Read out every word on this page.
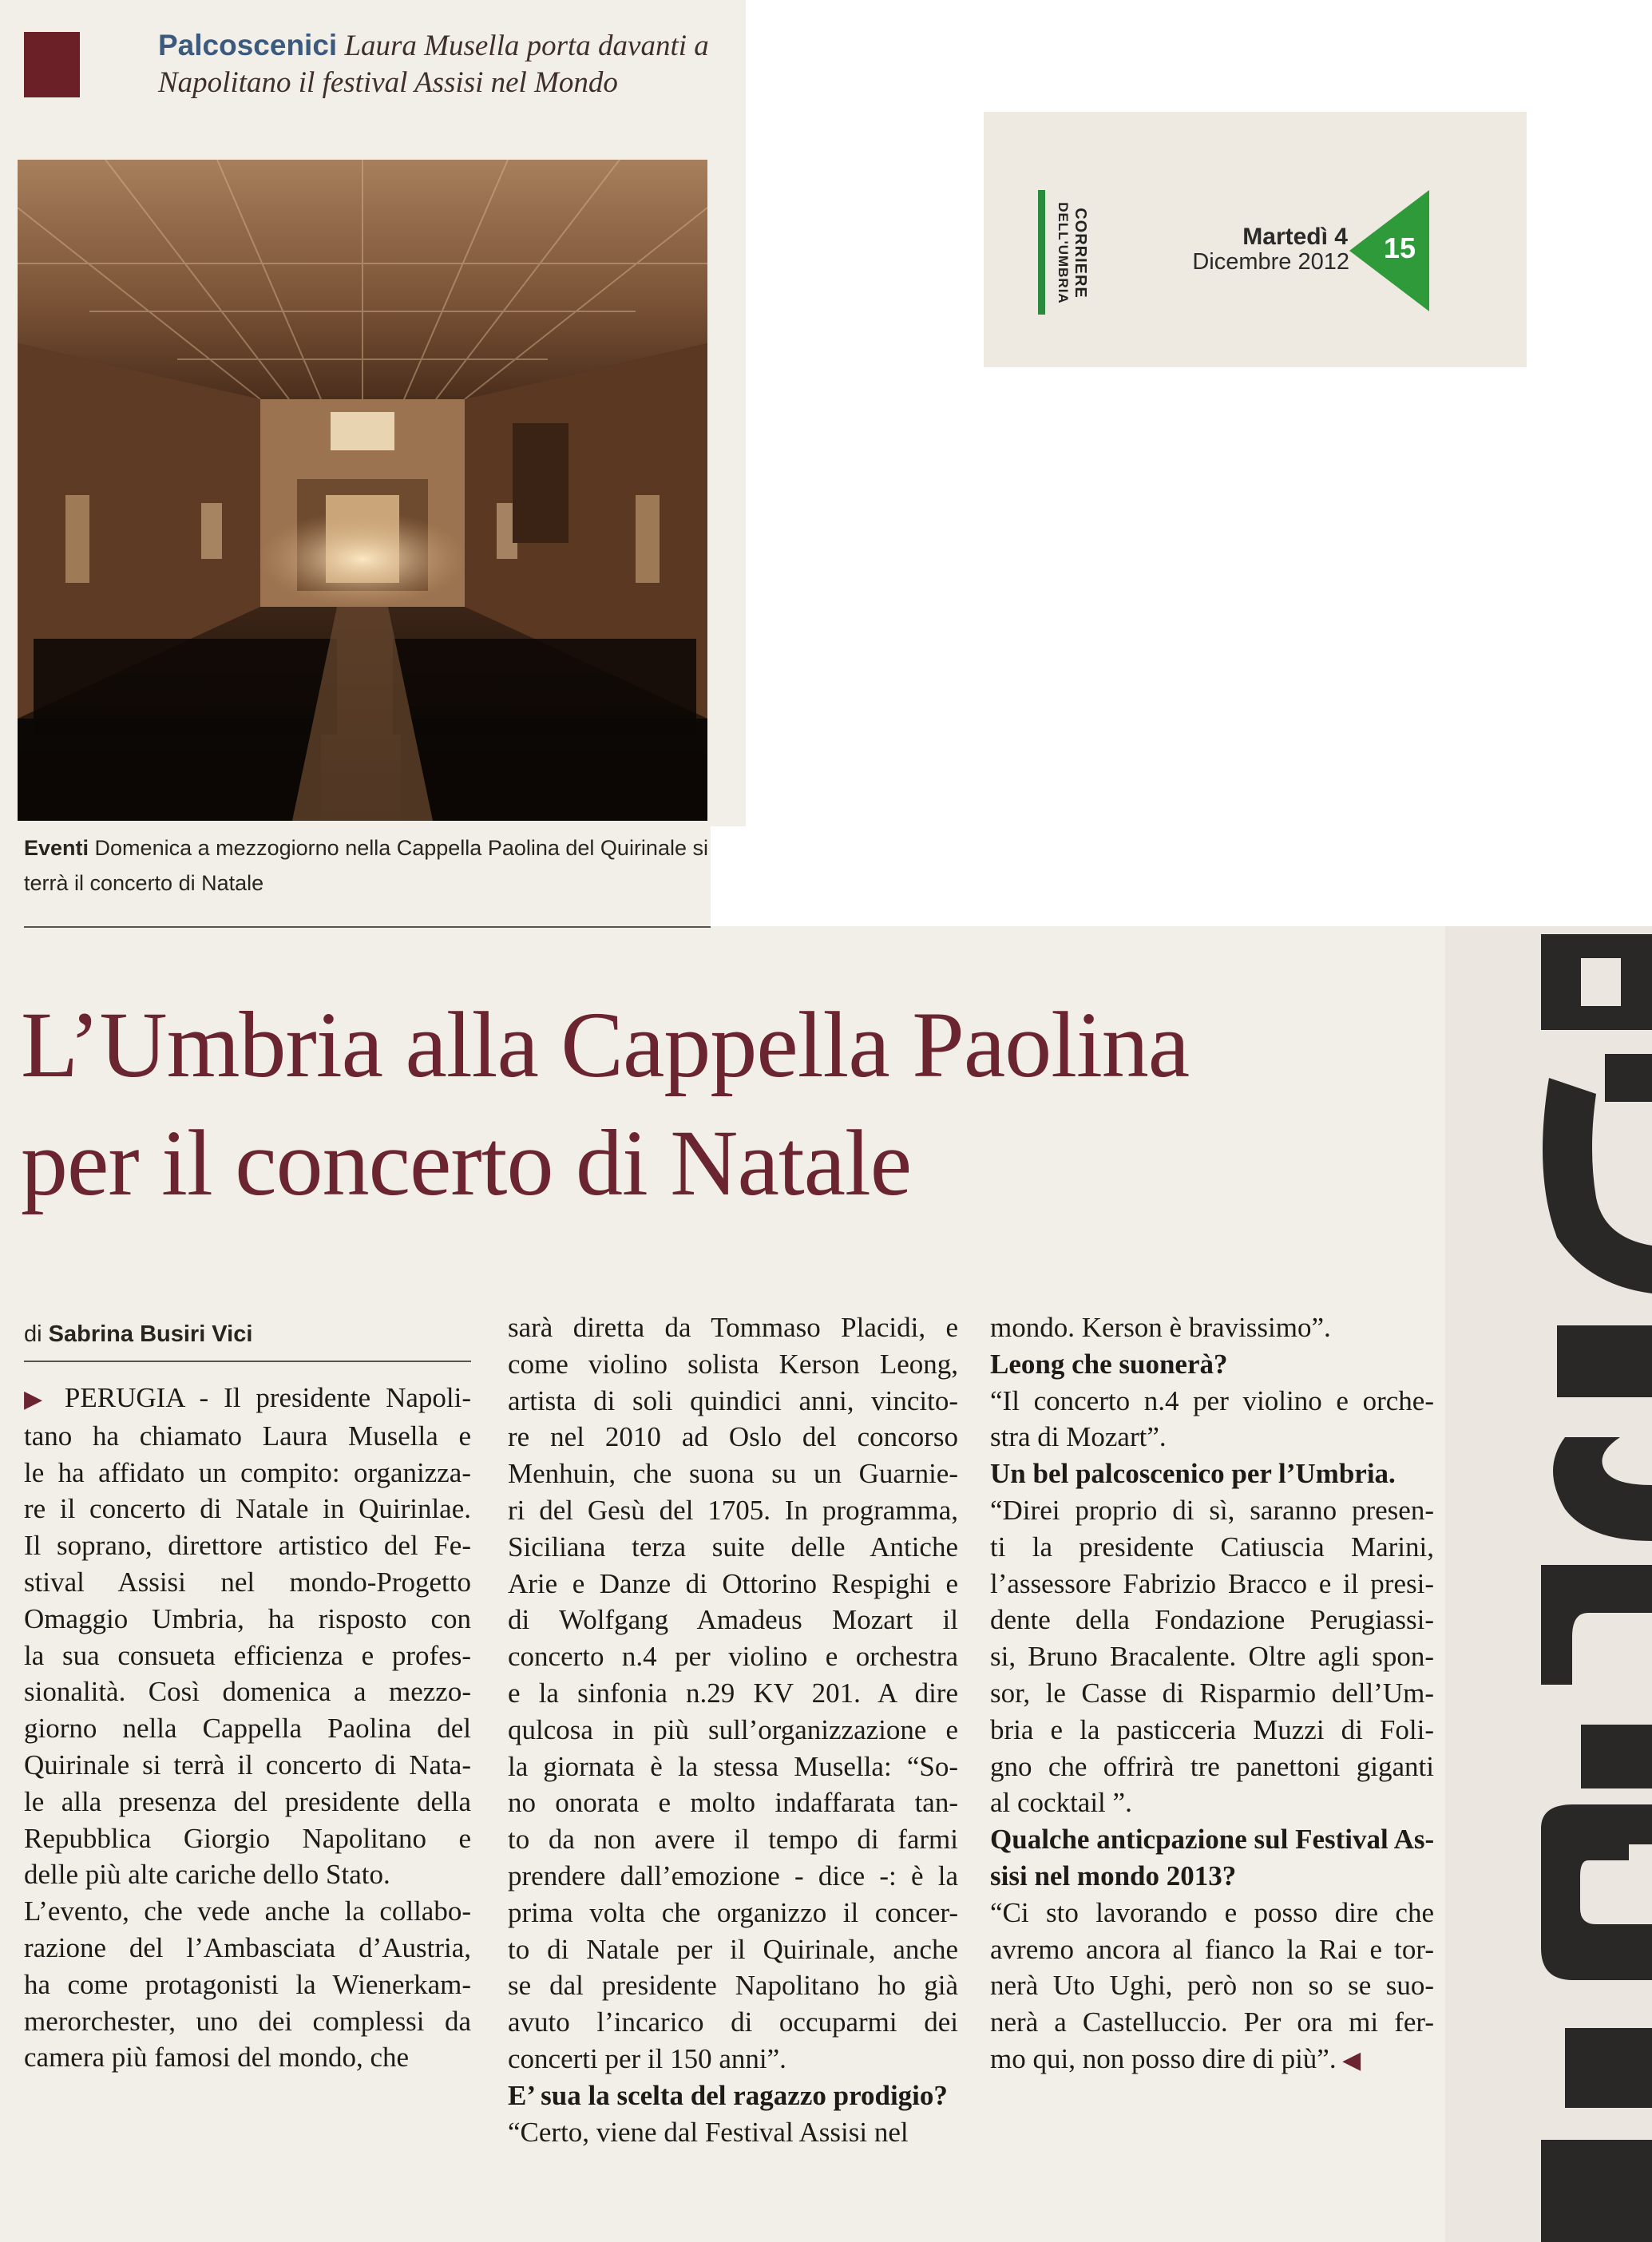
Palcoscenici Laura Musella porta davanti a Napolitano il festival Assisi nel Mondo
Eventi Domenica a mezzogiorno nella Cappella Paolina del Quirinale si terrà il concerto di Natale
CORRIERE
DELL'UMBRIA	Martedì 4
Dicembre 2012	15
L’Umbria alla Cappella Paolina
per il concerto di Natale
di Sabrina Busiri Vici
▶ PERUGIA - Il presidente Napoli-
tano ha chiamato Laura Musella e
le ha affidato un compito: organizza-
re il concerto di Natale in Quirinlae.
Il soprano, direttore artistico del Fe-
stival Assisi nel mondo-Progetto
Omaggio Umbria, ha risposto con
la sua consueta efficienza e profes-
sionalità. Così domenica a mezzo-
giorno nella Cappella Paolina del
Quirinale si terrà il concerto di Nata-
le alla presenza del presidente della
Repubblica Giorgio Napolitano e
delle più alte cariche dello Stato.
L’evento, che vede anche la collabo-
razione del l’Ambasciata d’Austria,
ha come protagonisti la Wienerkam-
merorchester, uno dei complessi da
camera più famosi del mondo, che
sarà diretta da Tommaso Placidi, e
come violino solista Kerson Leong,
artista di soli quindici anni, vincito-
re nel 2010 ad Oslo del concorso
Menhuin, che suona su un Guarnie-
ri del Gesù del 1705. In programma,
Siciliana terza suite delle Antiche
Arie e Danze di Ottorino Respighi e
di Wolfgang Amadeus Mozart il
concerto n.4 per violino e orchestra
e la sinfonia n.29 KV 201. A dire
qulcosa in più sull’organizzazione e
la giornata è la stessa Musella: “So-
no onorata e molto indaffarata tan-
to da non avere il tempo di farmi
prendere dall’emozione - dice -: è la
prima volta che organizzo il concer-
to di Natale per il Quirinale, anche
se dal presidente Napolitano ho già
avuto l’incarico di occuparmi dei
concerti per il 150 anni”.
E’ sua la scelta del ragazzo prodigio?
“Certo, viene dal Festival Assisi nel
mondo. Kerson è bravissimo”.
Leong che suonerà?
“Il concerto n.4 per violino e orche-
stra di Mozart”.
Un bel palcoscenico per l’Umbria.
“Direi proprio di sì, saranno presen-
ti la presidente Catiuscia Marini,
l’assessore Fabrizio Bracco e il presi-
dente della Fondazione Perugiassi-
si, Bruno Bracalente. Oltre agli spon-
sor, le Casse di Risparmio dell’Um-
bria e la pasticceria Muzzi di Foli-
gno che offrirà tre panettoni giganti
al cocktail ”.
Qualche anticpazione sul Festival As-
sisi nel mondo 2013?
“Ci sto lavorando e posso dire che
avremo ancora al fianco la Rai e tor-
nerà Uto Ughi, però non so se suo-
nerà a Castelluccio. Per ora mi fer-
mo qui, non posso dire di più”. ◀
